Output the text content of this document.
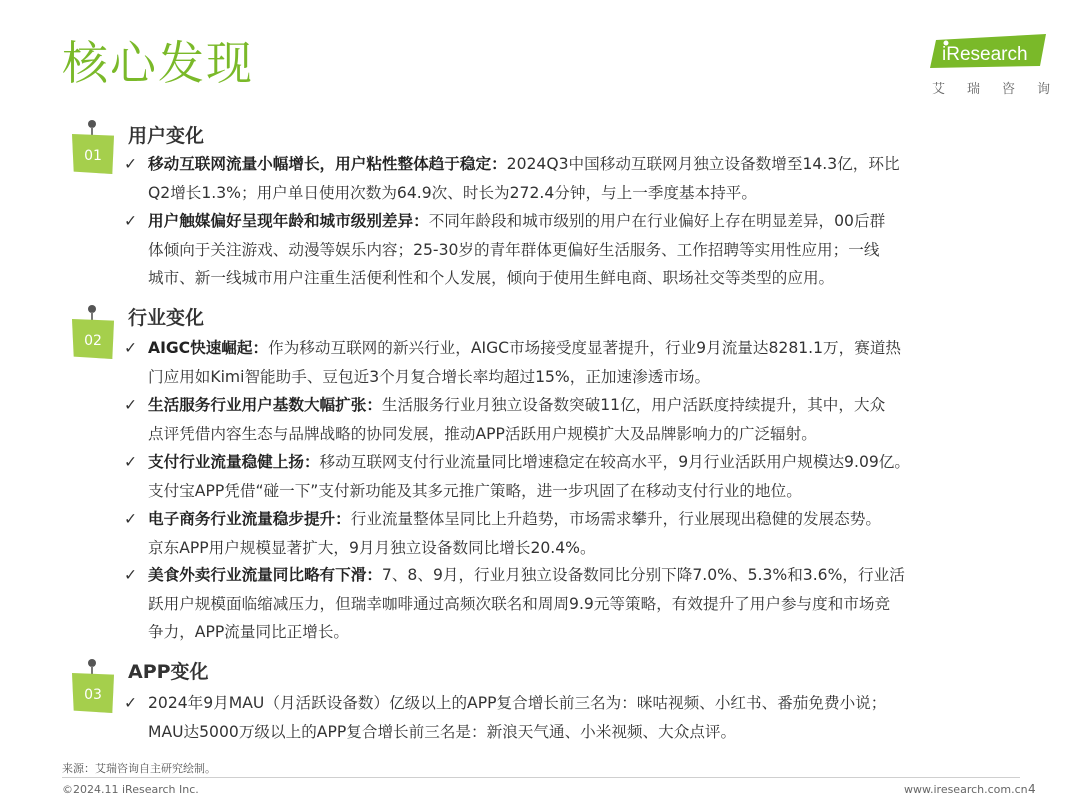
核心发现	iResearch
艾 瑞 咨 询
01
用户变化
✓ 移动互联网流量小幅增长，用户粘性整体趋于稳定：2024Q3中国移动互联网月独立设备数增至14.3亿，环比
Q2增长1.3%；用户单日使用次数为64.9次、时长为272.4分钟，与上一季度基本持平。
✓ 用户触媒偏好呈现年龄和城市级别差异：不同年龄段和城市级别的用户在行业偏好上存在明显差异，00后群
体倾向于关注游戏、动漫等娱乐内容；25-30岁的青年群体更偏好生活服务、工作招聘等实用性应用；一线
城市、新一线城市用户注重生活便利性和个人发展，倾向于使用生鲜电商、职场社交等类型的应用。
02
行业变化
✓ AIGC快速崛起：作为移动互联网的新兴行业，AIGC市场接受度显著提升，行业9月流量达8281.1万，赛道热
门应用如Kimi智能助手、豆包近3个月复合增长率均超过15%，正加速渗透市场。
✓ 生活服务行业用户基数大幅扩张：生活服务行业月独立设备数突破11亿，用户活跃度持续提升，其中，大众
点评凭借内容生态与品牌战略的协同发展，推动APP活跃用户规模扩大及品牌影响力的广泛辐射。
✓ 支付行业流量稳健上扬：移动互联网支付行业流量同比增速稳定在较高水平，9月行业活跃用户规模达9.09亿。
支付宝APP凭借“碰一下”支付新功能及其多元推广策略，进一步巩固了在移动支付行业的地位。
✓ 电子商务行业流量稳步提升：行业流量整体呈同比上升趋势，市场需求攀升，行业展现出稳健的发展态势。
京东APP用户规模显著扩大，9月月独立设备数同比增长20.4%。
✓ 美食外卖行业流量同比略有下滑：7、8、9月，行业月独立设备数同比分别下降7.0%、5.3%和3.6%，行业活
跃用户规模面临缩减压力，但瑞幸咖啡通过高频次联名和周周9.9元等策略，有效提升了用户参与度和市场竞
争力，APP流量同比正增长。
03
APP变化
✓ 2024年9月MAU（月活跃设备数）亿级以上的APP复合增长前三名为：咪咕视频、小红书、番茄免费小说；
MAU达5000万级以上的APP复合增长前三名是：新浪天气通、小米视频、大众点评。
来源：艾瑞咨询自主研究绘制。
©2024.11 iResearch Inc.	www.iresearch.com.cn 4
